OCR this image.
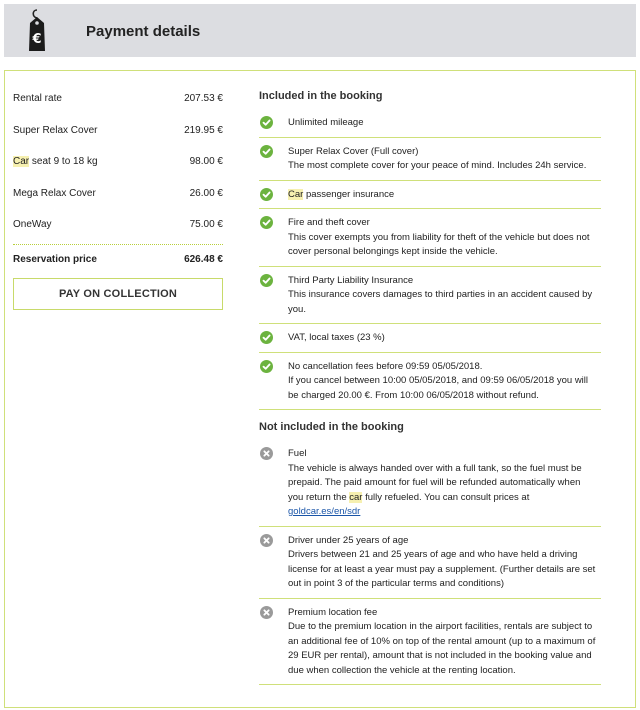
€	Payment details
Rental rate	207.53 €
Super Relax Cover	219.95 €
Car seat 9 to 18 kg	98.00 €
Mega Relax Cover	26.00 €
OneWay	75.00 €
Reservation price	626.48 €
PAY ON COLLECTION
Included in the booking
Unlimited mileage
Super Relax Cover (Full cover)
The most complete cover for your peace of mind. Includes 24h service.
Car passenger insurance
Fire and theft cover
This cover exempts you from liability for theft of the vehicle but does not cover personal belongings kept inside the vehicle.
Third Party Liability Insurance
This insurance covers damages to third parties in an accident caused by you.
VAT, local taxes (23 %)
No cancellation fees before 09:59 05/05/2018.
If you cancel between 10:00 05/05/2018, and 09:59 06/05/2018 you will be charged 20.00 €. From 10:00 06/05/2018 without refund.
Not included in the booking
Fuel
The vehicle is always handed over with a full tank, so the fuel must be prepaid. The paid amount for fuel will be refunded automatically when you return the car fully refueled. You can consult prices at goldcar.es/en/sdr
Driver under 25 years of age
Drivers between 21 and 25 years of age and who have held a driving license for at least a year must pay a supplement. (Further details are set out in point 3 of the particular terms and conditions)
Premium location fee
Due to the premium location in the airport facilities, rentals are subject to an additional fee of 10% on top of the rental amount (up to a maximum of 29 EUR per rental), amount that is not included in the booking value and due when collection the vehicle at the renting location.
